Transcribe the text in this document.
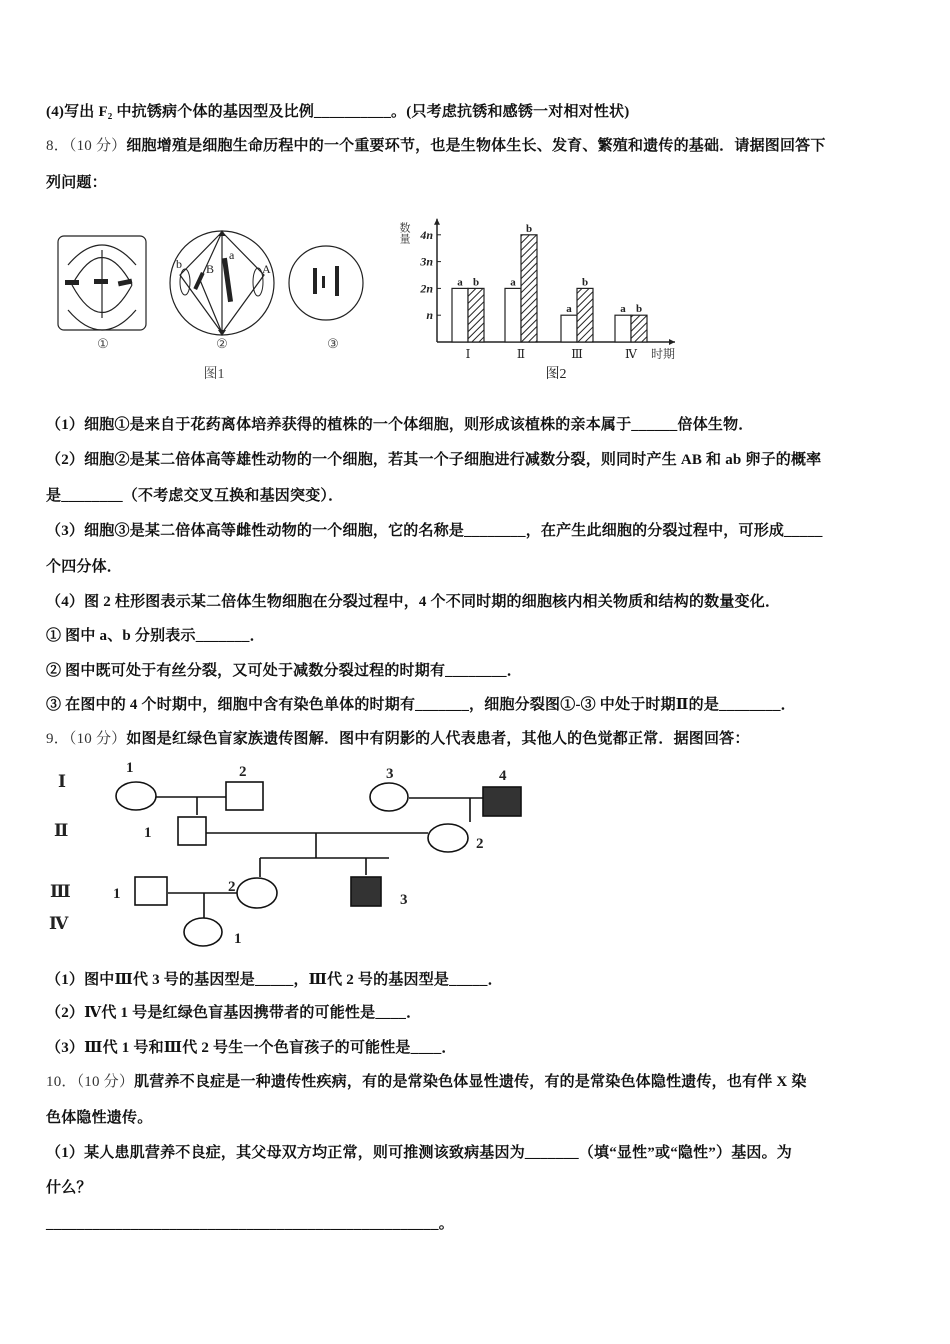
(4)写出 F₂ 中抗锈病个体的基因型及比例__________。(只考虑抗锈和感锈一对相对性状)
8．（10 分）细胞增殖是细胞生命历程中的一个重要环节，也是生物体生长、发育、繁殖和遗传的基础．请据图回答下
列问题：
b B
a
A
①	②	③
图1
n
2n
3n
4n
数量
时期
Ⅰ
a b
Ⅱ
a
b
Ⅲ
a
b
Ⅳ
a b
图2
（1）细胞①是来自于花药离体培养获得的植株的一个体细胞，则形成该植株的亲本属于______倍体生物．
（2）细胞②是某二倍体高等雄性动物的一个细胞，若其一个子细胞进行减数分裂，则同时产生 AB 和 ab 卵子的概率
是________（不考虑交叉互换和基因突变）．
（3）细胞③是某二倍体高等雌性动物的一个细胞，它的名称是________，在产生此细胞的分裂过程中，可形成_____
个四分体．
（4）图 2 柱形图表示某二倍体生物细胞在分裂过程中，4 个不同时期的细胞核内相关物质和结构的数量变化．
① 图中 a、b 分别表示_______．
② 图中既可处于有丝分裂，又可处于减数分裂过程的时期有________．
③ 在图中的 4 个时期中，细胞中含有染色单体的时期有_______，细胞分裂图①-③ 中处于时期Ⅱ的是________．
9．（10 分）如图是红绿色盲家族遗传图解．图中有阴影的人代表患者，其他人的色觉都正常．据图回答：
Ⅰ
Ⅱ
Ⅲ
Ⅳ
1	2	3	4
1
2
1	2
3
1
（1）图中Ⅲ代 3 号的基因型是_____，Ⅲ代 2 号的基因型是_____．
（2）Ⅳ代 1 号是红绿色盲基因携带者的可能性是____．
（3）Ⅲ代 1 号和Ⅲ代 2 号生一个色盲孩子的可能性是____．
10．（10 分）肌营养不良症是一种遗传性疾病，有的是常染色体显性遗传，有的是常染色体隐性遗传，也有伴 X 染
色体隐性遗传。
（1）某人患肌营养不良症，其父母双方均正常，则可推测该致病基因为_______（填“显性”或“隐性”）基因。为
什么？
___________________________________________________。
